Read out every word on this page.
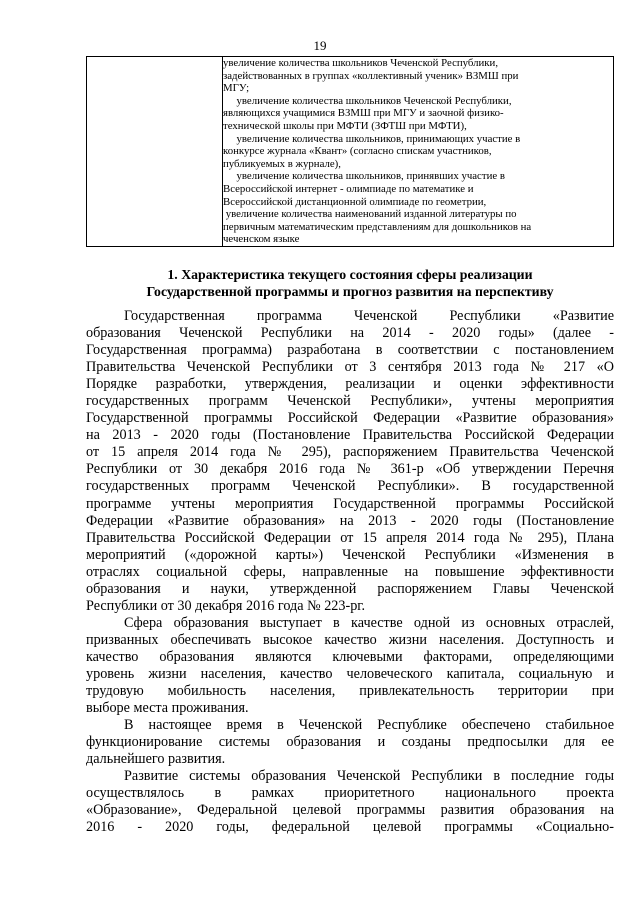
19

увеличение количества школьников Чеченской Республики,
задействованных в группах «коллективный ученик» ВЗМШ при
МГУ;
увеличение количества школьников Чеченской Республики,
являющихся учащимися ВЗМШ при МГУ и заочной физико-
технической школы при МФТИ (ЗФТШ при МФТИ),
увеличение количества школьников, принимающих участие в
конкурсе журнала «Квант» (согласно спискам участников,
публикуемых в журнале),
увеличение количества школьников, принявших участие в
Всероссийской интернет - олимпиаде по математике и
Всероссийской дистанционной олимпиаде по геометрии,
увеличение количества наименований изданной литературы по
первичным математическим представлениям для дошкольников на
чеченском языке
1. Характеристика текущего состояния сферы реализации
Государственной программы и прогноз развития на перспективу
Государственная программа Чеченской Республики «Развитие
образования Чеченской Республики на 2014 - 2020 годы» (далее -
Государственная программа) разработана в соответствии с постановлением
Правительства Чеченской Республики от 3 сентября 2013 года № 217 «О
Порядке разработки, утверждения, реализации и оценки эффективности
государственных программ Чеченской Республики», учтены мероприятия
Государственной программы Российской Федерации «Развитие образования»
на 2013 - 2020 годы (Постановление Правительства Российской Федерации
от 15 апреля 2014 года № 295), распоряжением Правительства Чеченской
Республики от 30 декабря 2016 года № 361-р «Об утверждении Перечня
государственных программ Чеченской Республики». В государственной
программе учтены мероприятия Государственной программы Российской
Федерации «Развитие образования» на 2013 - 2020 годы (Постановление
Правительства Российской Федерации от 15 апреля 2014 года № 295), Плана
мероприятий («дорожной карты») Чеченской Республики «Изменения в
отраслях социальной сферы, направленные на повышение эффективности
образования и науки, утвержденной распоряжением Главы Чеченской
Республики от 30 декабря 2016 года № 223-рг.
Сфера образования выступает в качестве одной из основных отраслей,
призванных обеспечивать высокое качество жизни населения. Доступность и
качество образования являются ключевыми факторами, определяющими
уровень жизни населения, качество человеческого капитала, социальную и
трудовую мобильность населения, привлекательность территории при
выборе места проживания.
В настоящее время в Чеченской Республике обеспечено стабильное
функционирование системы образования и созданы предпосылки для ее
дальнейшего развития.
Развитие системы образования Чеченской Республики в последние годы
осуществлялось в рамках приоритетного национального проекта
«Образование», Федеральной целевой программы развития образования на
2016 - 2020 годы, федеральной целевой программы «Социально-
